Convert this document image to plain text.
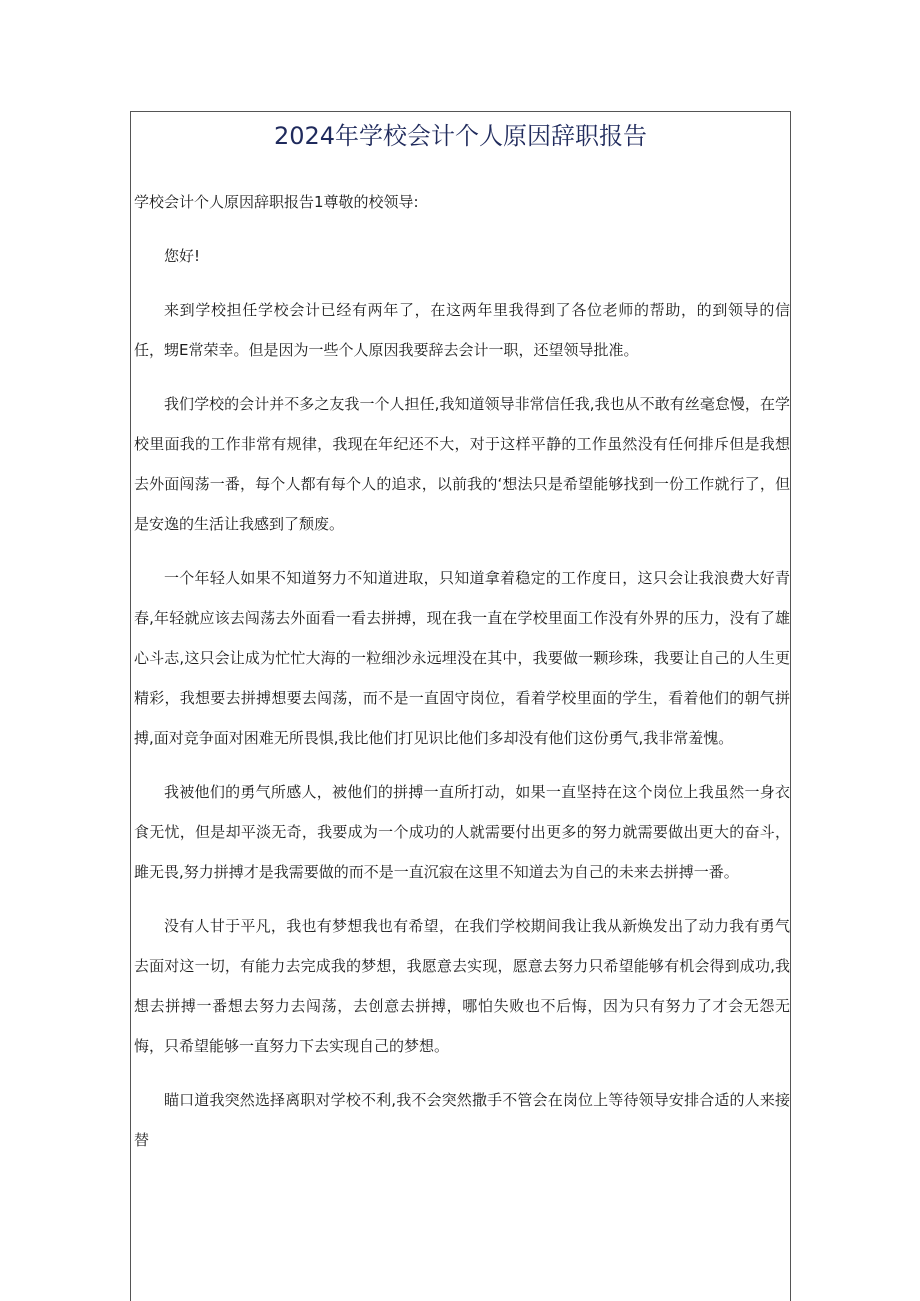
2024年学校会计个人原因辞职报告

学校会计个人原因辞职报告1尊敬的校领导:

您好!

来到学校担任学校会计已经有两年了，在这两年里我得到了各位老师的帮助，的到领导的信任，甥E常荣幸。但是因为一些个人原因我要辞去会计一职，还望领导批准。

我们学校的会计并不多之友我一个人担任,我知道领导非常信任我,我也从不敢有丝毫怠慢，在学校里面我的工作非常有规律，我现在年纪还不大，对于这样平静的工作虽然没有任何排斥但是我想去外面闯荡一番，每个人都有每个人的追求，以前我的‘想法只是希望能够找到一份工作就行了，但是安逸的生活让我感到了颓废。

一个年轻人如果不知道努力不知道进取，只知道拿着稳定的工作度日，这只会让我浪费大好青春,年轻就应该去闯荡去外面看一看去拼搏，现在我一直在学校里面工作没有外界的压力，没有了雄心斗志,这只会让成为忙忙大海的一粒细沙永远埋没在其中，我要做一颗珍珠，我要让自己的人生更精彩，我想要去拼搏想要去闯荡，而不是一直固守岗位，看着学校里面的学生，看着他们的朝气拼搏,面对竞争面对困难无所畏惧,我比他们打见识比他们多却没有他们这份勇气,我非常羞愧。

我被他们的勇气所感人，被他们的拼搏一直所打动，如果一直坚持在这个岗位上我虽然一身衣食无忧，但是却平淡无奇，我要成为一个成功的人就需要付出更多的努力就需要做出更大的奋斗，雎无畏,努力拼搏才是我需要做的而不是一直沉寂在这里不知道去为自己的未来去拼搏一番。

没有人甘于平凡，我也有梦想我也有希望，在我们学校期间我让我从新焕发出了动力我有勇气去面对这一切，有能力去完成我的梦想，我愿意去实现，愿意去努力只希望能够有机会得到成功,我想去拼搏一番想去努力去闯荡，去创意去拼搏，哪怕失败也不后悔，因为只有努力了才会无怨无悔，只希望能够一直努力下去实现自己的梦想。

瞄口道我突然选择离职对学校不利,我不会突然撒手不管会在岗位上等待领导安排合适的人来接替
